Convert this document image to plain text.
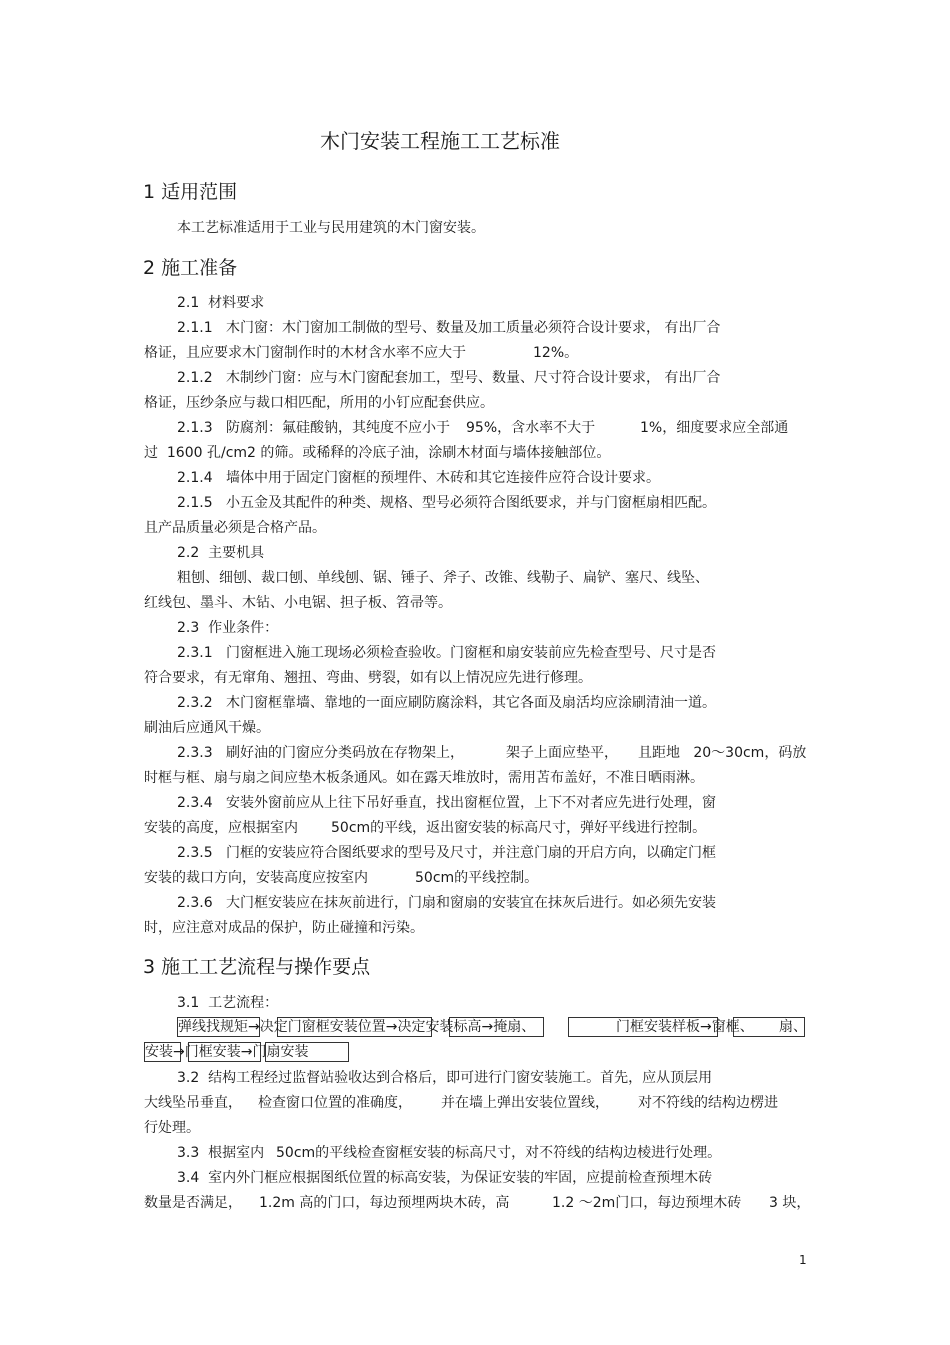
木门安装工程施工工艺标准
1 适用范围
本工艺标准适用于工业与民用建筑的木门窗安装。
2 施工准备
2.1  材料要求
2.1.1   木门窗：木门窗加工制做的型号、数量及加工质量必须符合设计要求， 有出厂合
格证，且应要求木门窗制作时的木材含水率不应大于	12%。
2.1.2   木制纱门窗：应与木门窗配套加工，型号、数量、尺寸符合设计要求， 有出厂合
格证，压纱条应与裁口相匹配，所用的小钉应配套供应。
2.1.3   防腐剂：氟硅酸钠，其纯度不应小于 95%，含水率不大于	1%，细度要求应全部通
过  1600 孔/cm2 的筛。或稀释的冷底子油，涂刷木材面与墙体接触部位。
2.1.4   墙体中用于固定门窗框的预埋件、木砖和其它连接件应符合设计要求。
2.1.5   小五金及其配件的种类、规格、型号必须符合图纸要求，并与门窗框扇相匹配。
且产品质量必须是合格产品。
2.2  主要机具
粗刨、细刨、裁口刨、单线刨、锯、锤子、斧子、改锥、线勒子、扁铲、塞尺、线坠、
红线包、墨斗、木钻、小电锯、担子板、笤帚等。
2.3  作业条件：
2.3.1   门窗框进入施工现场必须检查验收。门窗框和扇安装前应先检查型号、尺寸是否
符合要求，有无窜角、翘扭、弯曲、劈裂，如有以上情况应先进行修理。
2.3.2   木门窗框靠墙、靠地的一面应刷防腐涂料，其它各面及扇活均应涂刷清油一道。
刷油后应通风干燥。
2.3.3   刷好油的门窗应分类码放在存物架上，	架子上面应垫平， 且距地   20～30cm，码放
时框与框、扇与扇之间应垫木板条通风。如在露天堆放时，需用苫布盖好，不准日晒雨淋。
2.3.4   安装外窗前应从上往下吊好垂直，找出窗框位置，上下不对者应先进行处理，窗
安装的高度，应根据室内 50cm的平线，返出窗安装的标高尺寸，弹好平线进行控制。
2.3.5   门框的安装应符合图纸要求的型号及尺寸，并注意门扇的开启方向，以确定门框
安装的裁口方向，安装高度应按室内	50cm的平线控制。
2.3.6   大门框安装应在抹灰前进行，门扇和窗扇的安装宜在抹灰后进行。如必须先安装
时，应注意对成品的保护，防止碰撞和污染。
3 施工工艺流程与操作要点
3.1  工艺流程：
弹线找规矩→决定门窗框安装位置→决定安装标高→掩扇、	门框安装样板→窗框、 扇、
安装→门框安装→门扇安装
3.2  结构工程经过监督站验收达到合格后，即可进行门窗安装施工。首先，应从顶层用
大线坠吊垂直， 检查窗口位置的准确度， 并在墙上弹出安装位置线， 对不符线的结构边楞进
行处理。
3.3  根据室内 50cm的平线检查窗框安装的标高尺寸，对不符线的结构边棱进行处理。
3.4  室内外门框应根据图纸位置的标高安装，为保证安装的牢固，应提前检查预埋木砖
数量是否满足， 1.2m 高的门口，每边预埋两块木砖，高	1.2 ～2m门口，每边预埋木砖 3 块，
1
